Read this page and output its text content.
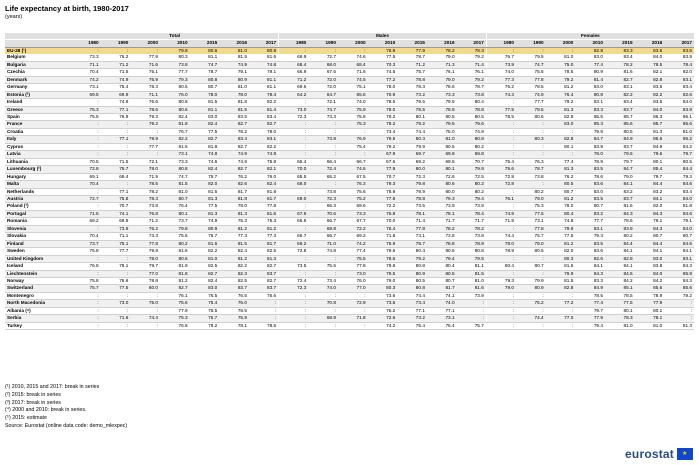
Life expectancy at birth, 1980-2017
(years)
	Total							Males							Females						
	1980	1990	2000	2010	2015	2016	2017	1980	1990	2000	2010	2015	2016	2017	1980	1990	2000	2010	2015	2016	2017
EU-28 (¹)	:	:	:	79.9	80.6	81.0	80.9	:	:	:	76.9	77.9	78.2	78.3	:	:	:	82.8	83.3	83.6	83.5
Belgium	73.3	76.2	77.9	80.3	81.1	81.5	81.6	69.9	72.7	74.6	77.5	78.7	79.0	79.2	76.7	79.5	81.0	83.0	83.4	84.0	83.9
Bulgaria	71.1	71.2	71.6	73.8	74.7	74.9	74.8	68.4	68.0	68.4	70.3	71.2	71.3	71.4	73.9	74.7	75.0	77.4	78.2	78.5	78.4
Czechia	70.4	71.5	75.1	77.7	78.7	79.1	79.1	66.9	67.6	71.6	74.5	75.7	76.1	76.1	74.0	75.5	78.5	80.9	81.6	82.1	82.0
Denmark	74.2	74.9	76.9	79.3	80.8	80.9	81.1	71.2	72.0	74.5	77.2	78.8	79.0	79.2	77.3	77.8	79.2	81.4	82.7	82.8	83.1
Germany	73.1	75.4	78.3	80.5	80.7	81.0	81.1	69.6	72.0	75.1	78.0	78.3	78.6	78.7	76.2	78.5	81.2	83.0	83.1	83.5	83.4
Estonia (²)	69.5	69.9	71.1	76.0	78.0	78.0	78.4	64.2	64.7	65.6	70.9	73.2	73.3	73.8	74.3	74.9	76.4	80.8	82.2	82.2	82.6
Ireland	:	74.8	76.6	80.8	81.5	81.8	82.2	:	72.1	74.0	78.5	79.6	79.9	80.4	:	77.7	79.2	83.1	83.4	83.6	84.0
Greece	75.3	77.1	78.6	80.6	81.1	81.5	81.4	73.0	74.7	75.9	78.0	78.5	78.9	78.8	77.5	79.5	81.3	83.3	83.7	84.0	83.9
Spain	75.5	76.9	79.3	82.4	83.0	83.5	83.4	72.3	73.3	75.8	79.2	80.1	80.5	80.5	78.5	80.6	82.8	85.5	85.7	86.3	86.1
France	:	:	79.2	81.8	82.4	82.7	82.7	:	:	75.3	78.2	79.2	79.5	79.6	:	:	83.0	85.3	85.6	85.7	85.6
Croatia	:	:	:	76.7	77.5	78.2	78.0	:	:	:	73.4	74.4	75.0	74.9	:	:	:	79.9	80.5	81.3	81.0
Italy	:	77.1	79.9	82.2	82.7	83.4	83.1	:	73.8	76.9	79.5	80.3	81.0	80.8	:	80.3	82.8	84.7	84.9	85.6	85.2
Cyprus	:	:	77.7	81.5	81.8	82.7	82.2	:	:	75.4	79.2	79.9	80.5	80.2	:	:	80.1	83.9	83.7	84.9	84.2
Latvia	:	:	:	73.1	74.8	74.9	74.9	:	:	:	67.9	69.7	69.8	69.8	:	:	:	78.0	79.5	79.6	79.7
Lithuania	70.5	71.5	72.1	73.3	74.6	74.9	75.8	65.4	66.4	66.7	67.6	69.2	69.5	70.7	75.4	76.3	77.4	78.9	79.7	80.1	80.5
Luxembourg (²)	72.8	75.7	78.0	80.8	82.4	82.7	82.1	70.0	72.4	74.6	77.9	80.0	80.1	79.9	75.6	78.7	81.3	83.5	84.7	85.4	84.4
Hungary	69.1	69.4	71.9	74.7	75.7	76.2	76.0	65.5	65.2	67.5	70.7	72.3	72.6	72.5	72.8	73.8	76.2	78.6	79.0	79.7	79.3
Malta	70.4	:	78.5	81.5	82.0	82.6	82.4	68.0	:	76.3	79.3	79.8	80.6	80.2	72.8	:	80.5	83.6	84.1	84.4	84.6
Netherlands	:	77.1	78.2	81.0	81.6	81.7	81.8	:	73.8	75.6	78.9	79.9	80.0	80.2	:	80.2	80.7	83.0	83.2	83.2	83.4
Austria	72.7	75.8	78.3	80.7	81.3	81.8	81.7	69.0	72.3	75.2	77.8	78.8	79.3	79.4	76.1	79.0	81.2	83.5	83.7	84.1	84.0
Poland (³)	:	70.7	73.8	76.4	77.5	78.0	77.8	:	66.3	69.6	72.2	73.5	73.9	73.9	:	75.3	78.0	80.7	81.6	82.0	81.8
Portugal	71.5	74.1	76.8	80.1	81.3	81.3	81.6	67.9	70.6	73.3	76.8	78.1	78.1	78.4	74.9	77.5	80.4	83.2	84.3	84.3	84.6
Romania	69.2	69.9	71.2	73.7	74.9	75.3	75.3	66.6	66.7	67.7	70.0	71.4	71.7	71.7	71.9	73.1	74.8	77.7	78.6	79.1	79.1
Slovenia	:	73.9	76.2	79.8	80.9	81.2	81.2	:	69.8	72.2	76.4	77.8	78.2	78.2	:	77.8	79.9	83.1	83.9	84.3	84.0
Slovakia	70.4	71.1	73.3	75.6	76.7	77.3	77.3	66.7	66.7	69.2	71.8	73.1	73.8	73.8	74.4	75.7	77.5	79.3	80.2	80.7	80.7
Finland	73.7	75.1	77.8	80.2	81.6	81.5	81.7	69.2	71.0	74.2	76.9	78.7	78.8	78.9	78.0	79.0	81.2	83.5	84.4	84.4	84.5
Sweden	75.8	77.7	79.8	81.6	82.2	82.4	82.5	72.8	74.8	77.4	79.6	80.4	80.6	80.8	78.9	80.5	82.0	83.6	84.1	84.1	84.1
United Kingdom	:	:	78.0	80.6	81.0	81.2	81.3	:	:	75.5	78.6	79.2	79.4	79.5	:	:	80.3	82.6	82.8	83.0	83.1
Iceland	76.8	78.1	79.7	81.9	82.5	82.2	82.7	73.5	75.5	77.8	79.8	80.8	80.4	81.1	80.4	80.7	81.6	84.1	84.1	83.8	84.3
Liechtenstein	:	:	77.0	81.8	82.7	82.3	83.7	:	:	73.0	79.5	80.9	80.5	81.5	:	:	79.9	84.3	84.5	84.0	85.9
Norway	75.8	76.6	78.8	81.2	82.4	82.5	82.7	72.4	73.4	76.0	79.0	80.5	80.7	81.0	79.3	79.9	81.5	83.3	84.2	84.2	84.3
Switzerland	75.7	77.5	80.0	82.7	83.0	83.7	83.7	72.3	74.0	77.0	80.3	80.8	81.7	81.6	79.0	80.9	82.8	84.9	85.1	85.6	85.6
Montenegro	:	:	:	76.1	76.5	76.5	76.6	:	:	:	73.6	74.4	74.1	73.9	:	:	:	78.5	78.5	78.9	79.2
North Macedonia	:	73.0	75.0	75.6	75.4	76.0	:	:	70.8	72.9	73.5	73.4	74.0	:	:	75.2	77.2	77.4	77.5	77.9	:
Albania (⁴)	:	:	:	77.9	78.5	78.5	:	:	:	:	76.2	77.1	77.1	:	:	:	:	79.7	80.1	80.1	:
Serbia	:	71.6	74.4	75.3	75.7	75.9	:	:	68.9	71.8	72.6	73.2	73.1	:	:	74.4	77.0	77.9	78.3	78.1	:
Turkey	:	:	:	76.8	78.2	78.1	78.5	:	:	:	74.2	75.4	75.4	75.7	:	:	:	79.4	81.0	81.0	81.3
(¹) 2010, 2015 and 2017: break in series
(²) 2015: break in series
(³) 2017: break in series
(⁴) 2000 and 2010: break in series.
(⁵) 2015: estimate
Source: Eurostat (online data code: demo_mlexpec)
eurostat
★
